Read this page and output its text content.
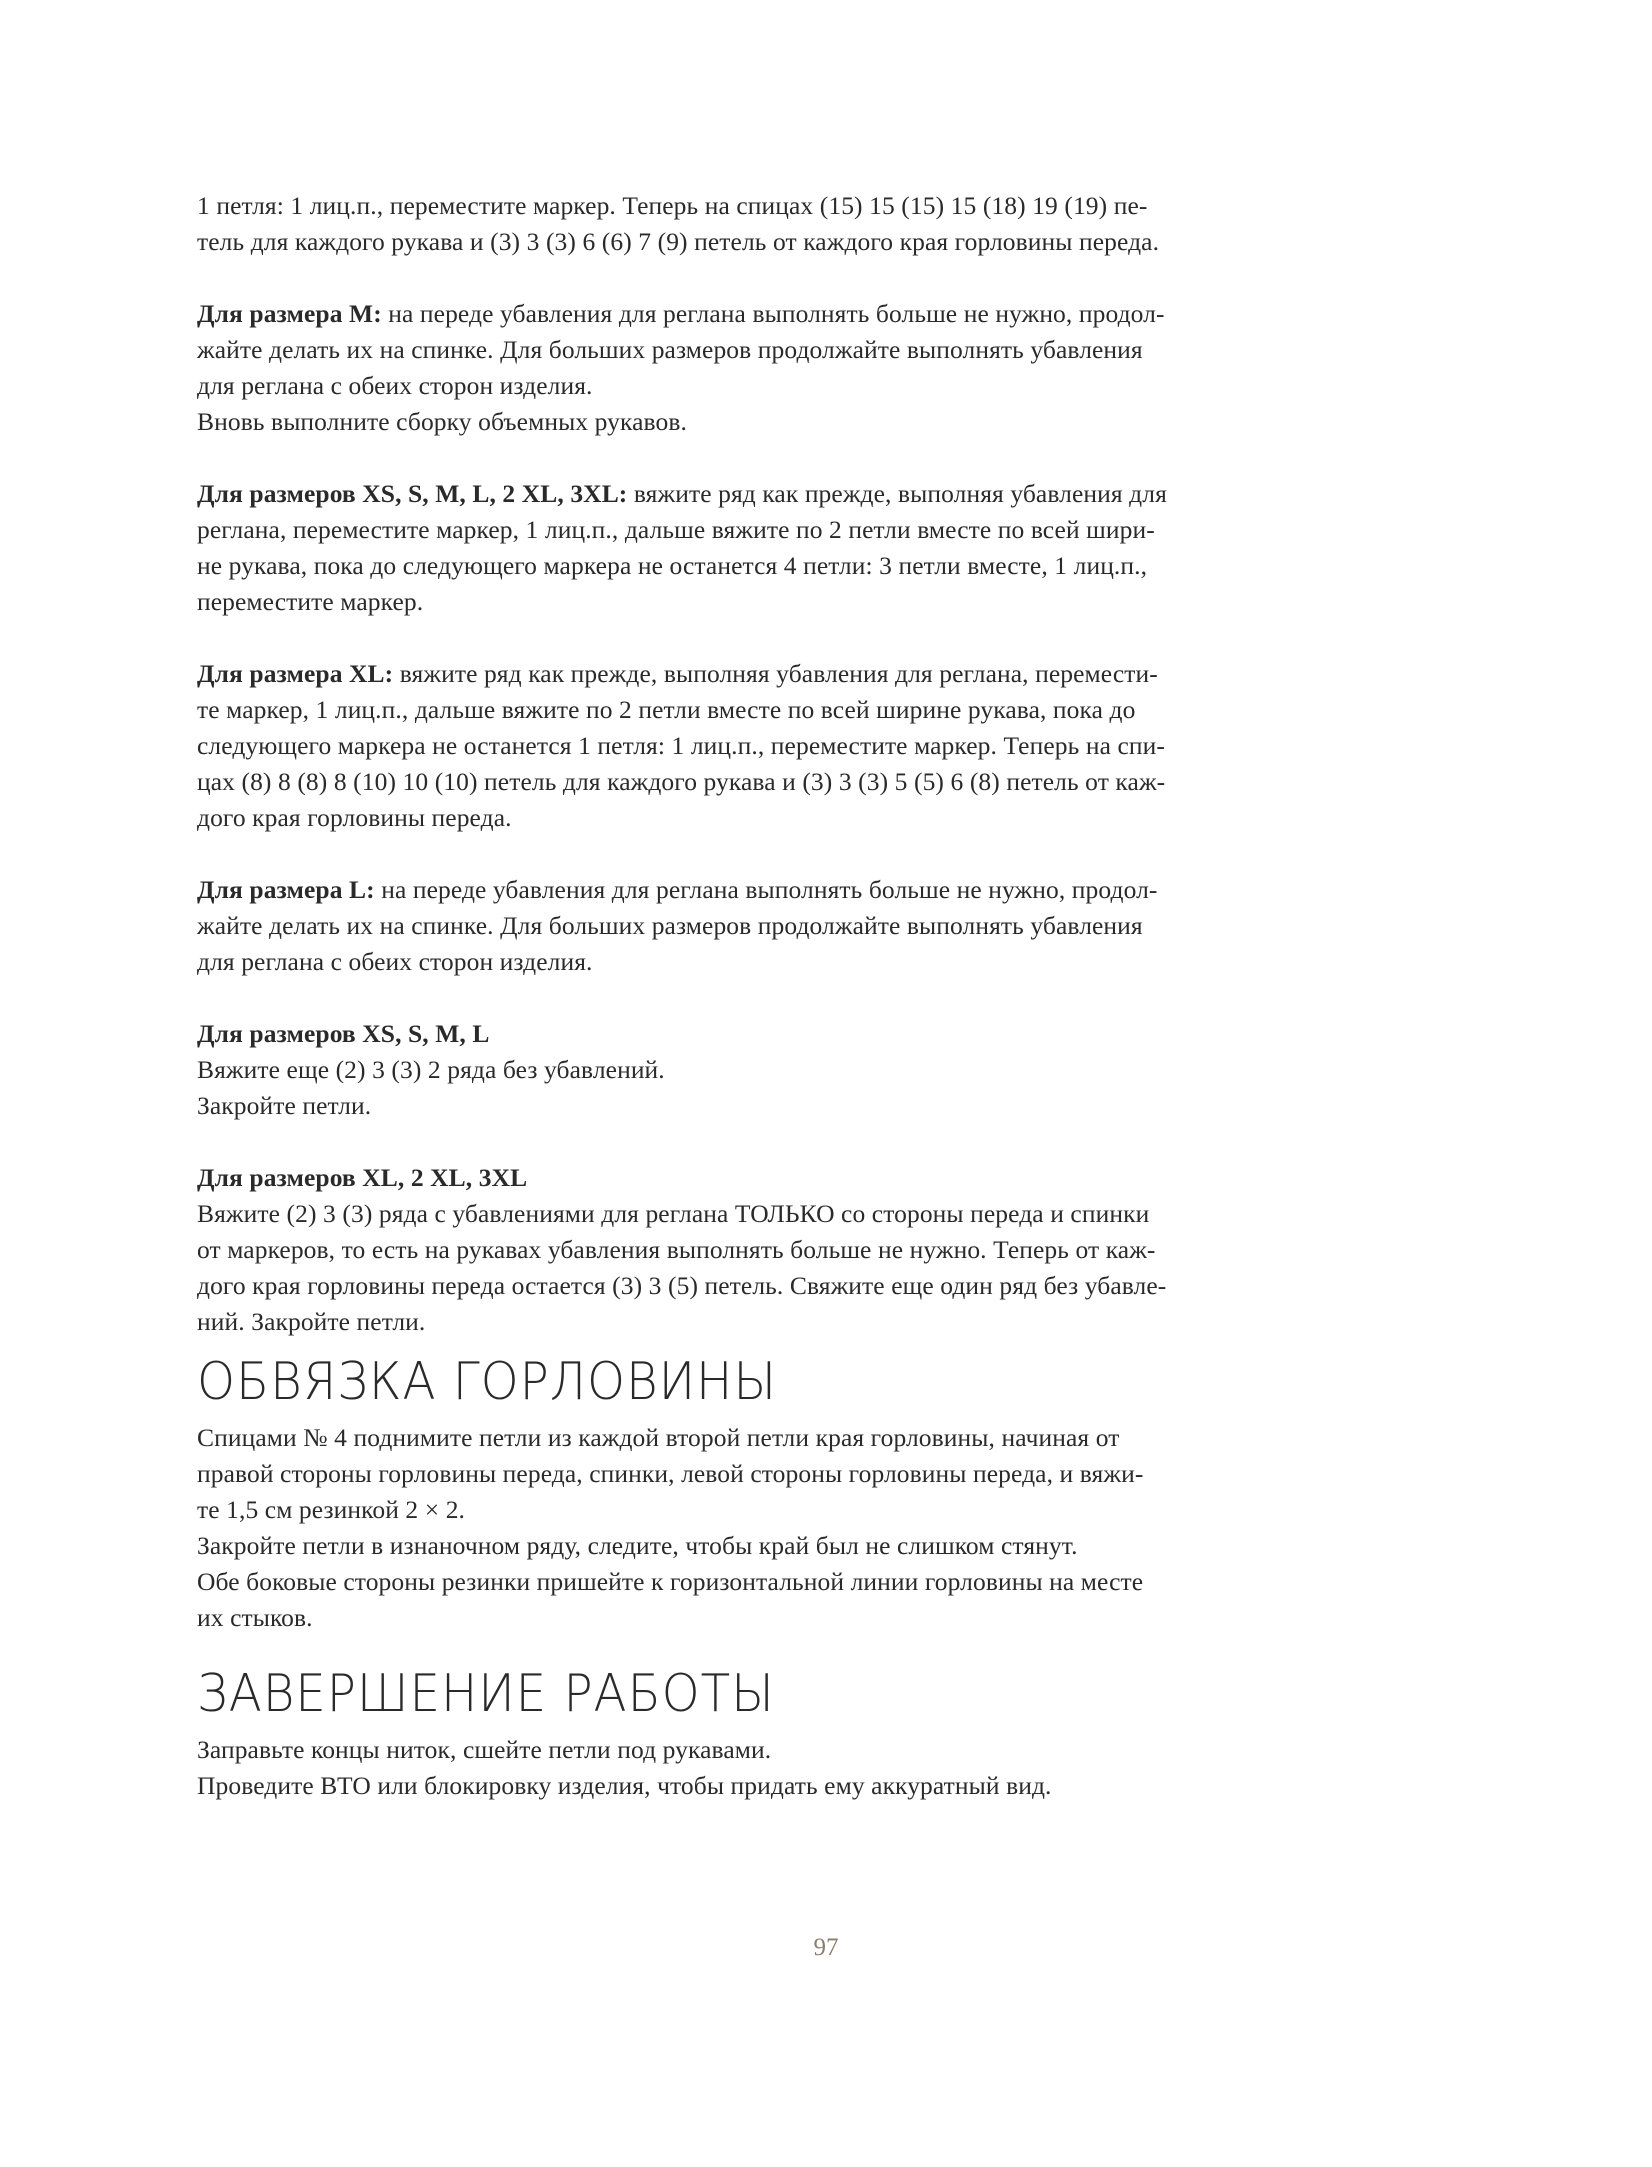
1 петля: 1 лиц.п., переместите маркер. Теперь на спицах (15) 15 (15) 15 (18) 19 (19) пе-
тель для каждого рукава и (3) 3 (3) 6 (6) 7 (9) петель от каждого края горловины переда.
Для размера M: на переде убавления для реглана выполнять больше не нужно, продол-
жайте делать их на спинке. Для больших размеров продолжайте выполнять убавления
для реглана с обеих сторон изделия.
Вновь выполните сборку объемных рукавов.
Для размеров XS, S, M, L, 2 XL, 3XL: вяжите ряд как прежде, выполняя убавления для
реглана, переместите маркер, 1 лиц.п., дальше вяжите по 2 петли вместе по всей шири-
не рукава, пока до следующего маркера не останется 4 петли: 3 петли вместе, 1 лиц.п.,
переместите маркер.
Для размера XL: вяжите ряд как прежде, выполняя убавления для реглана, перемести-
те маркер, 1 лиц.п., дальше вяжите по 2 петли вместе по всей ширине рукава, пока до
следующего маркера не останется 1 петля: 1 лиц.п., переместите маркер. Теперь на спи-
цах (8) 8 (8) 8 (10) 10 (10) петель для каждого рукава и (3) 3 (3) 5 (5) 6 (8) петель от каж-
дого края горловины переда.
Для размера L: на переде убавления для реглана выполнять больше не нужно, продол-
жайте делать их на спинке. Для больших размеров продолжайте выполнять убавления
для реглана с обеих сторон изделия.
Для размеров XS, S, M, L
Вяжите еще (2) 3 (3) 2 ряда без убавлений.
Закройте петли.
Для размеров XL, 2 XL, 3XL
Вяжите (2) 3 (3) ряда с убавлениями для реглана ТОЛЬКО со стороны переда и спинки
от маркеров, то есть на рукавах убавления выполнять больше не нужно. Теперь от каж-
дого края горловины переда остается (3) 3 (5) петель. Свяжите еще один ряд без убавле-
ний. Закройте петли.
ОБВЯЗКА ГОРЛОВИНЫ
Спицами № 4 поднимите петли из каждой второй петли края горловины, начиная от
правой стороны горловины переда, спинки, левой стороны горловины переда, и вяжи-
те 1,5 см резинкой 2 × 2.
Закройте петли в изнаночном ряду, следите, чтобы край был не слишком стянут.
Обе боковые стороны резинки пришейте к горизонтальной линии горловины на месте
их стыков.
ЗАВЕРШЕНИЕ РАБОТЫ
Заправьте концы ниток, сшейте петли под рукавами.
Проведите ВТО или блокировку изделия, чтобы придать ему аккуратный вид.
97
